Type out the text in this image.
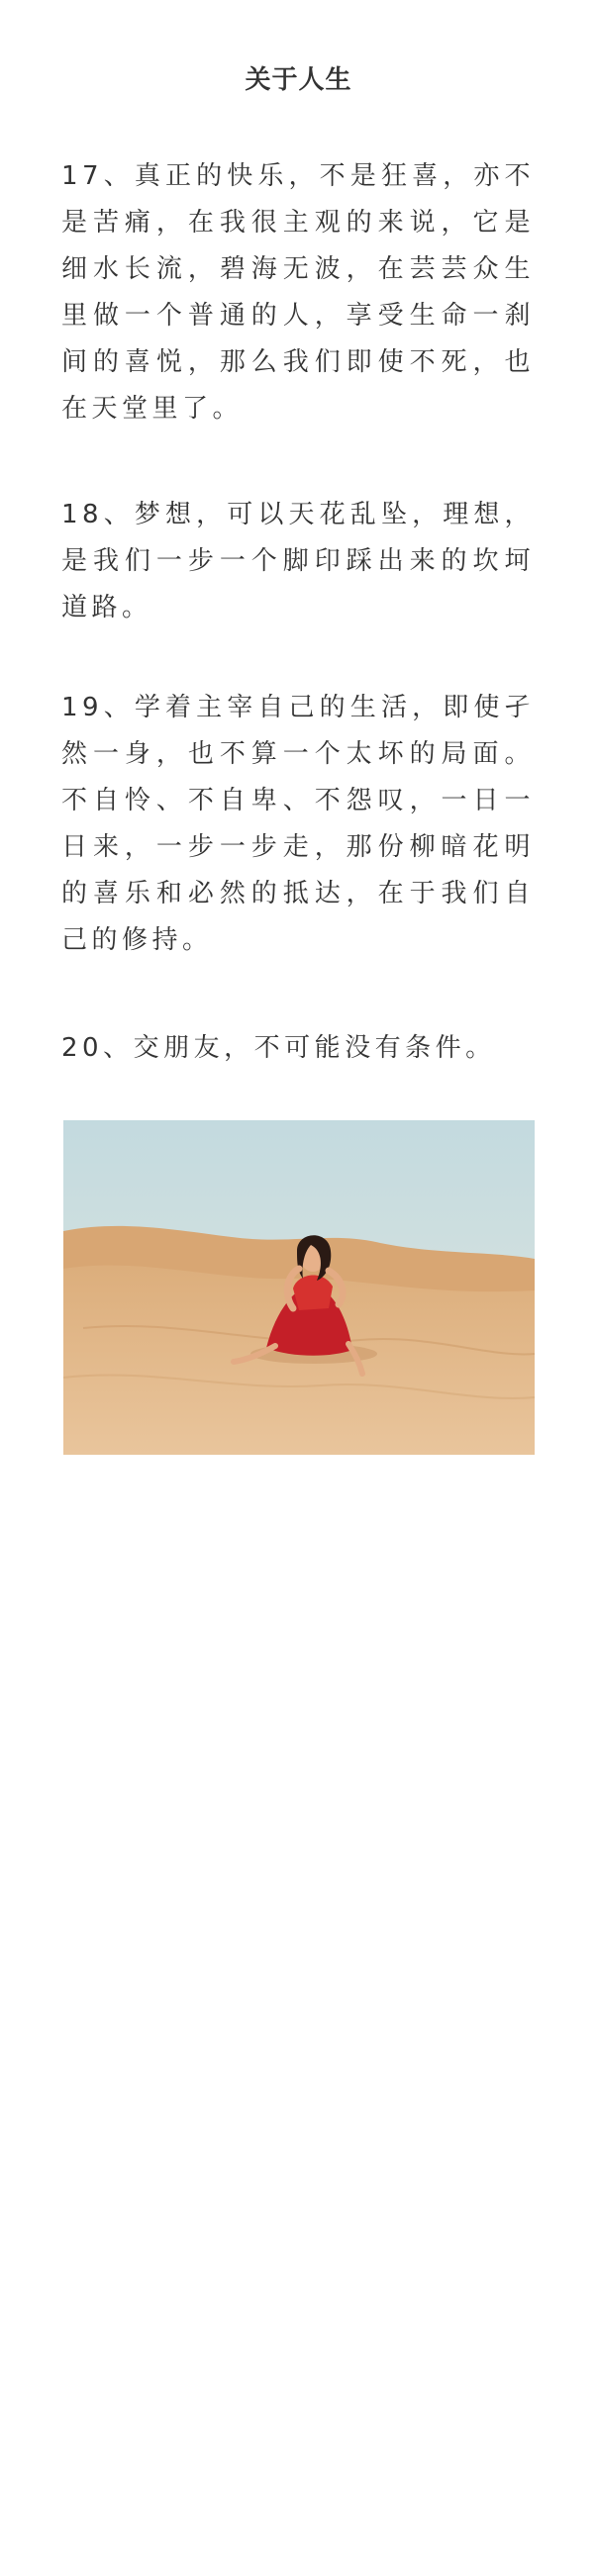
关于人生

17、真正的快乐，不是狂喜，亦不是苦痛，在我很主观的来说，它是细水长流，碧海无波，在芸芸众生里做一个普通的人，享受生命一刹间的喜悦，那么我们即使不死，也在天堂里了。

18、梦想，可以天花乱坠，理想，是我们一步一个脚印踩出来的坎坷道路。

19、学着主宰自己的生活，即使孑然一身，也不算一个太坏的局面。不自怜、不自卑、不怨叹，一日一日来，一步一步走，那份柳暗花明的喜乐和必然的抵达，在于我们自己的修持。

20、交朋友，不可能没有条件。

似网
